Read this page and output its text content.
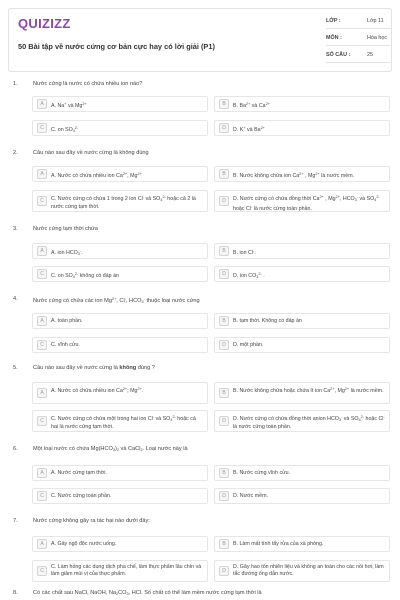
QUIZIZZ
50 Bài tập về nước cứng cơ bản cực hay có lời giải (P1)
LỚP :	Lớp 11
MÔN :	Hóa học
SỐ CÂU :	25
1.	Nước cứng là nước có chứa nhiều ion nào?
A	A. Na+ và $Mg^{2+}$	B	B. $Ba^{2+}$ và $Ca^{2+}$
C	C. on $SO_4^{2-}$	D	D. K+ và $Ba^{2+}$
2.	Câu nào sau đây về nước cứng là không đúng
A	A. Nước có chứa nhiều ion $Ca^{2+}$, $Mg^{2+}$	B	B. Nước không chứa ion $Ca^{2+}$ , $Mg^{2+}$ là nước mềm.
C	C. Nước cứng có chứa 1 trong 2 ion Cl- và $SO_4^{2-}$ hoặc cả 2 là nước cứng tạm thời.
D	D. Nước cứng có chứa đồng thời $Ca^{2+}$ , $Mg^{2+}$, $HCO_3^-$ và $SO_4^{2-}$ hoặc Cl- là nước cứng toàn phần.
3.	Nước cứng tạm thời chứa
A	A. ion $HCO_3^-$.	B	B. ion Cl-.
C	C. on $SO_4^{2-}$ không có đáp án	D	D. ion $CO_3^{2-}$ .
4.	Nước cứng có chứa các ion $Mg^{2+}$, Cl-, $HCO_3^-$ thuộc loại nước cứng
A	A. toàn phần.	B	B. tạm thời. Không có đáp án
C	C. vĩnh cửu.	D	D. một phần.
5.	Câu nào sau đây về nước cứng là không đúng ?
A	A. Nước có chứa nhiều ion $Ca^{2+}$; $Mg^{2+}$.	B	B. Nước không chứa hoặc chứa ít ion $Ca^{2+}$, $Mg^{2+}$ là nước mềm.
C	C. Nước cứng có chứa một trong hai ion Cl- và $SO_4^{2-}$ hoặc cả hai là nước cứng tạm thời.
D	D. Nước cứng có chứa đồng thời anion $HCO_3^-$ và $SO_4^{2-}$ hoặc Cl- là nước cứng toàn phần.
6.	Một loại nước có chứa $Mg(HCO_3)_2$ và CaCl$_2$. Loại nước này là
A	A. Nước cứng tạm thời.	B	B. Nước cứng vĩnh cửu.
C	C. Nước cứng toàn phần.	D	D. Nước mềm.
7.	Nước cứng không gây ra tác hại nào dưới đây:
A	A. Gây ngộ độc nước uống.	B	B. Làm mất tính tẩy rửa của xà phòng.
C
C. Làm hỏng các dung dịch pha chế, làm thực phẩm lâu chín và làm giảm mùi vị của thực phẩm.	D
D. Gây hao tốn nhiên liệu và không an toàn cho các nồi hơi, làm tắc đường ống dẫn nước.
8.	Có các chất sau NaCl, NaOH, $Na_2CO_3$, HCl. Số chất có thể làm mềm nước cứng tạm thời là
